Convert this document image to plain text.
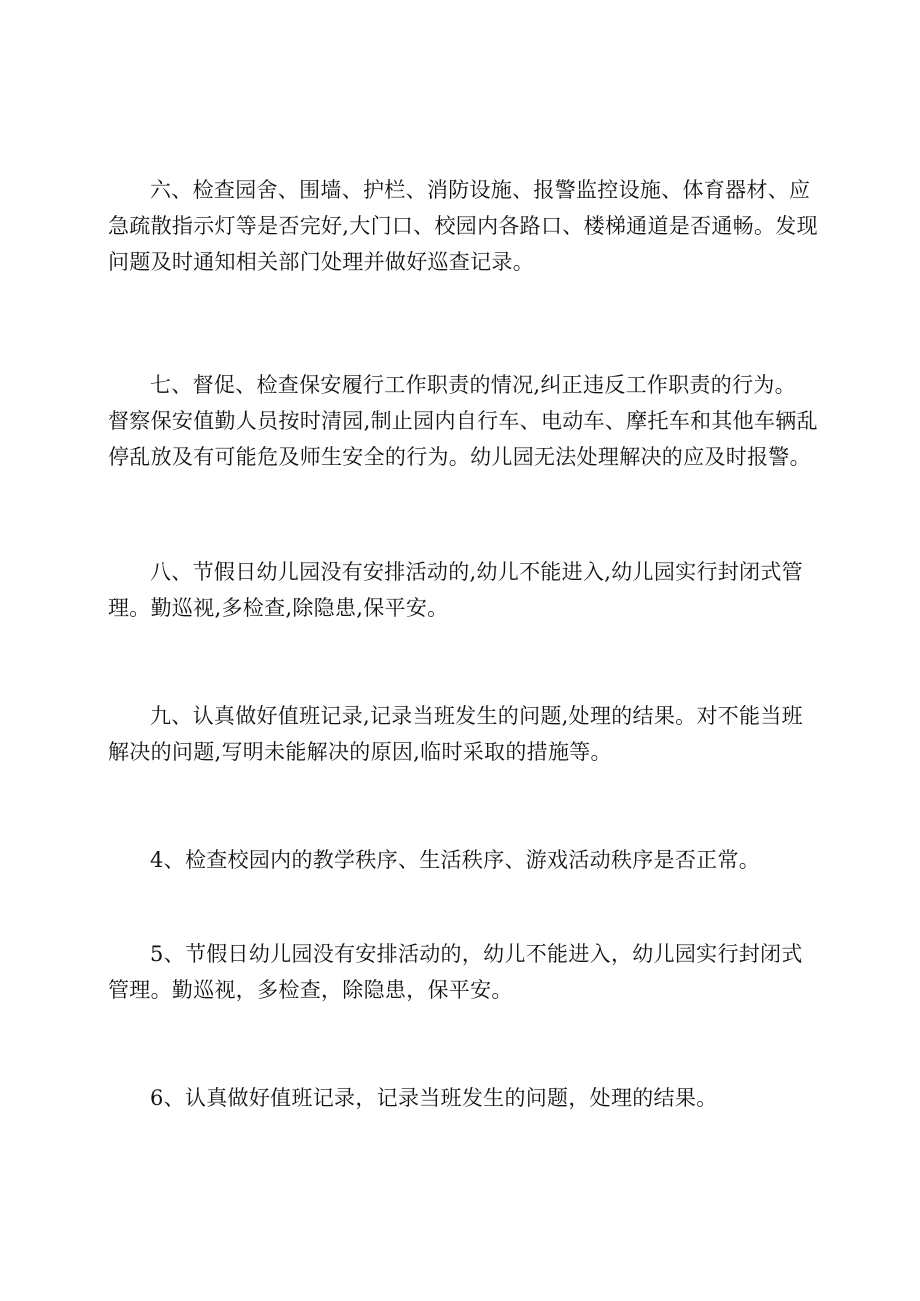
六、检查园舍、围墙、护栏、消防设施、报警监控设施、体育器材、应
急疏散指示灯等是否完好,大门口、校园内各路口、楼梯通道是否通畅。发现
问题及时通知相关部门处理并做好巡查记录。
七、督促、检查保安履行工作职责的情况,纠正违反工作职责的行为。
督察保安值勤人员按时清园,制止园内自行车、电动车、摩托车和其他车辆乱
停乱放及有可能危及师生安全的行为。幼儿园无法处理解决的应及时报警。
八、节假日幼儿园没有安排活动的,幼儿不能进入,幼儿园实行封闭式管
理。勤巡视,多检查,除隐患,保平安。
九、认真做好值班记录,记录当班发生的问题,处理的结果。对不能当班
解决的问题,写明未能解决的原因,临时采取的措施等。
4、检查校园内的教学秩序、生活秩序、游戏活动秩序是否正常。
5、节假日幼儿园没有安排活动的，幼儿不能进入，幼儿园实行封闭式
管理。勤巡视，多检查，除隐患，保平安。
6、认真做好值班记录，记录当班发生的问题，处理的结果。
